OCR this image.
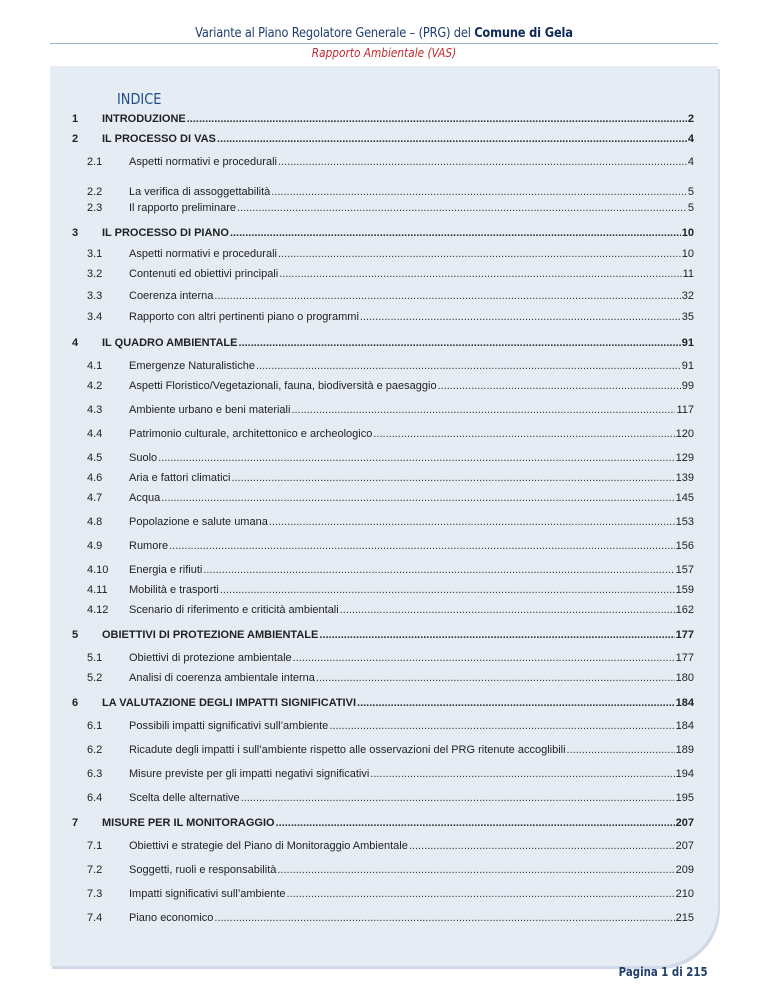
Variante al Piano Regolatore Generale – (PRG) del Comune di Gela
Rapporto Ambientale (VAS)
INDICE
1 INTRODUZIONE .....	2
2 IL PROCESSO DI VAS .....	4
2.1 Aspetti normativi e procedurali .....	4
2.2 La verifica di assoggettabilità .....	5
2.3 Il rapporto preliminare .....	5
3 IL PROCESSO DI PIANO .....	10
3.1 Aspetti normativi e procedurali .....	10
3.2 Contenuti ed obiettivi principali .....	11
3.3 Coerenza interna .....	32
3.4 Rapporto con altri pertinenti piano o programmi .....	35
4 IL QUADRO AMBIENTALE .....	91
4.1 Emergenze Naturalistiche .....	91
4.2 Aspetti Floristico/Vegetazionali, fauna, biodiversità e paesaggio .....	99
4.3 Ambiente urbano e beni materiali .....	117
4.4 Patrimonio culturale, architettonico e archeologico .....	120
4.5 Suolo .....	129
4.6 Aria e fattori climatici .....	139
4.7 Acqua .....	145
4.8 Popolazione e salute umana .....	153
4.9 Rumore .....	156
4.10 Energia e rifiuti .....	157
4.11 Mobilità e trasporti .....	159
4.12 Scenario di riferimento e criticità ambientali .....	162
5 OBIETTIVI DI PROTEZIONE AMBIENTALE .....	177
5.1 Obiettivi di protezione ambientale .....	177
5.2 Analisi di coerenza ambientale interna .....	180
6 LA VALUTAZIONE DEGLI IMPATTI SIGNIFICATIVI .....	184
6.1 Possibili impatti significativi sull’ambiente .....	184
6.2 Ricadute degli impatti i sull’ambiente rispetto alle osservazioni del PRG ritenute accoglibili .....	189
6.3 Misure previste per gli impatti negativi significativi .....	194
6.4 Scelta delle alternative .....	195
7 MISURE PER IL MONITORAGGIO .....	207
7.1 Obiettivi e strategie del Piano di Monitoraggio Ambientale .....	207
7.2 Soggetti, ruoli e responsabilità .....	209
7.3 Impatti significativi sull’ambiente .....	210
7.4 Piano economico .....	215
Pagina 1 di 215
